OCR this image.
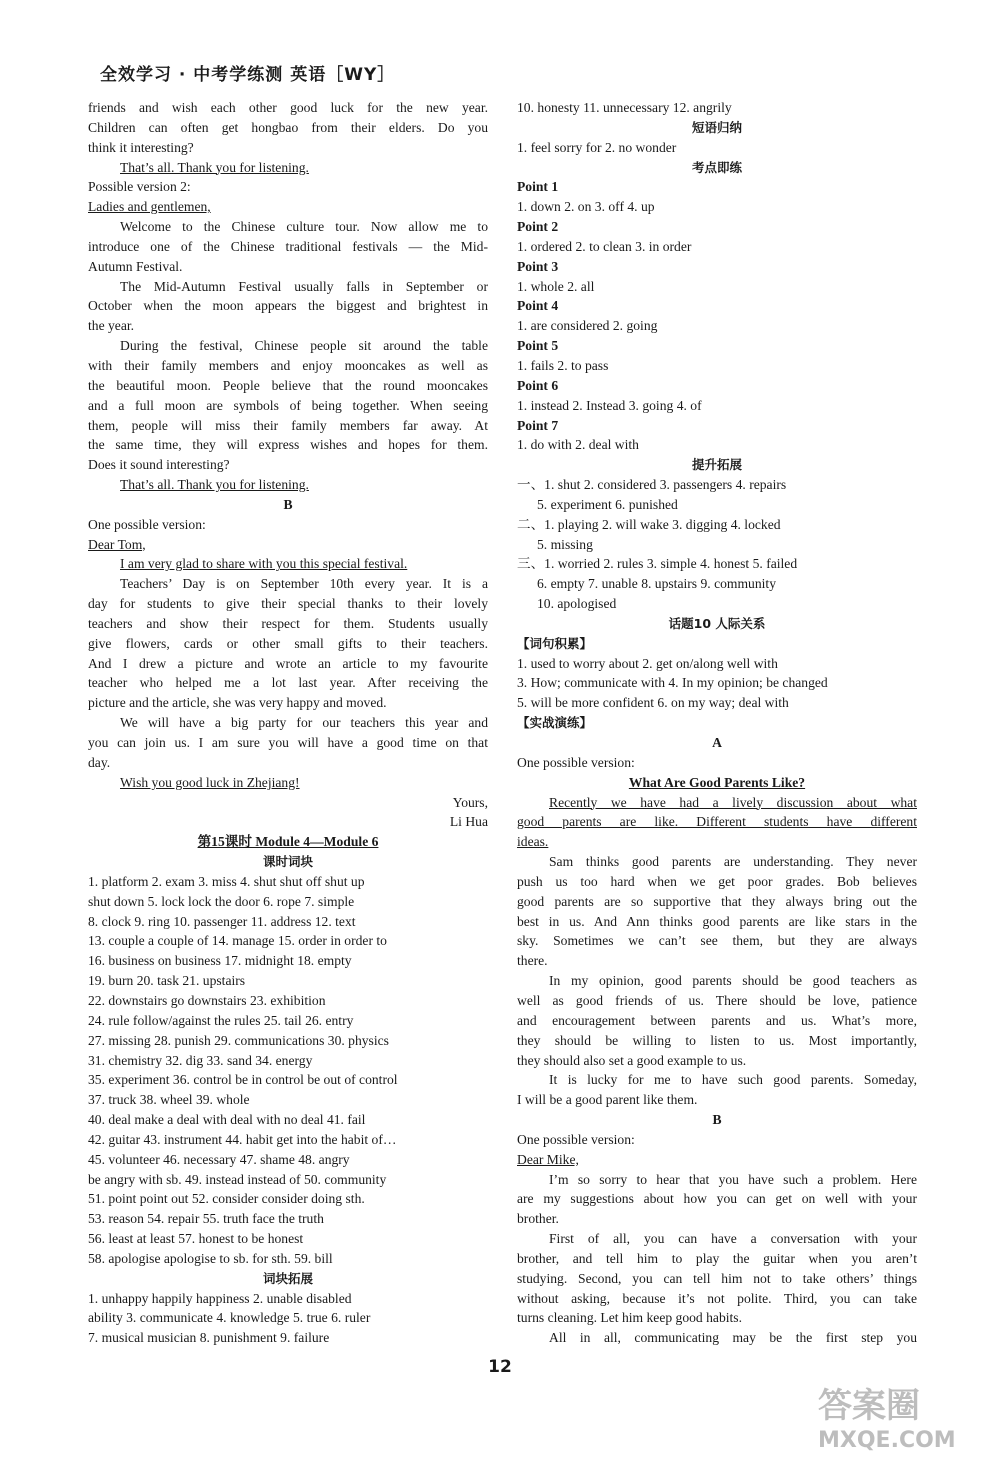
全效学习 · 中考学练测 英语［WY］

friends and wish each other good luck for the new year.

Children can often get hongbao from their elders. Do you

think it interesting?

That’s all. Thank you for listening.

Possible version 2:

Ladies and gentlemen,

Welcome to the Chinese culture tour. Now allow me to

introduce one of the Chinese traditional festivals — the Mid-

Autumn Festival.

The Mid-Autumn Festival usually falls in September or

October when the moon appears the biggest and brightest in

the year.

During the festival, Chinese people sit around the table

with their family members and enjoy mooncakes as well as

the beautiful moon. People believe that the round mooncakes

and a full moon are symbols of being together. When seeing

them, people will miss their family members far away. At

the same time, they will express wishes and hopes for them.

Does it sound interesting?

That’s all. Thank you for listening.

B

One possible version:

Dear Tom,

I am very glad to share with you this special festival.

Teachers’ Day is on September 10th every year. It is a

day for students to give their special thanks to their lovely

teachers and show their respect for them. Students usually

give flowers, cards or other small gifts to their teachers.

And I drew a picture and wrote an article to my favourite

teacher who helped me a lot last year. After receiving the

picture and the article, she was very happy and moved.

We will have a big party for our teachers this year and

you can join us. I am sure you will have a good time on that

day.

Wish you good luck in Zhejiang!

Yours,

Li Hua

第15课时 Module 4—Module 6

课时词块

1. platform 2. exam 3. miss 4. shut shut off shut up

shut down 5. lock lock the door 6. rope 7. simple

8. clock 9. ring 10. passenger 11. address 12. text

13. couple a couple of 14. manage 15. order in order to

16. business on business 17. midnight 18. empty

19. burn 20. task 21. upstairs

22. downstairs go downstairs 23. exhibition

24. rule follow/against the rules 25. tail 26. entry

27. missing 28. punish 29. communications 30. physics

31. chemistry 32. dig 33. sand 34. energy

35. experiment 36. control be in control be out of control

37. truck 38. wheel 39. whole

40. deal make a deal with deal with no deal 41. fail

42. guitar 43. instrument 44. habit get into the habit of…

45. volunteer 46. necessary 47. shame 48. angry

be angry with sb. 49. instead instead of 50. community

51. point point out 52. consider consider doing sth.

53. reason 54. repair 55. truth face the truth

56. least at least 57. honest to be honest

58. apologise apologise to sb. for sth. 59. bill

词块拓展

1. unhappy happily happiness 2. unable disabled

ability 3. communicate 4. knowledge 5. true 6. ruler

7. musical musician 8. punishment 9. failure

10. honesty 11. unnecessary 12. angrily

短语归纳

1. feel sorry for 2. no wonder

考点即练

Point 1

1. down 2. on 3. off 4. up

Point 2

1. ordered 2. to clean 3. in order

Point 3

1. whole 2. all

Point 4

1. are considered 2. going

Point 5

1. fails 2. to pass

Point 6

1. instead 2. Instead 3. going 4. of

Point 7

1. do with 2. deal with

提升拓展

一、1. shut 2. considered 3. passengers 4. repairs

5. experiment 6. punished

二、1. playing 2. will wake 3. digging 4. locked

5. missing

三、1. worried 2. rules 3. simple 4. honest 5. failed

6. empty 7. unable 8. upstairs 9. community

10. apologised

话题10 人际关系

【词句积累】

1. used to worry about 2. get on/along well with

3. How; communicate with 4. In my opinion; be changed

5. will be more confident 6. on my way; deal with

【实战演练】

A

One possible version:

What Are Good Parents Like?

Recently we have had a lively discussion about what

good parents are like. Different students have different

ideas.

Sam thinks good parents are understanding. They never

push us too hard when we get poor grades. Bob believes

good parents are so supportive that they always bring out the

best in us. And Ann thinks good parents are like stars in the

sky. Sometimes we can’t see them, but they are always

there.

In my opinion, good parents should be good teachers as

well as good friends of us. There should be love, patience

and encouragement between parents and us. What’s more,

they should be willing to listen to us. Most importantly,

they should also set a good example to us.

It is lucky for me to have such good parents. Someday,

I will be a good parent like them.

B

One possible version:

Dear Mike,

I’m so sorry to hear that you have such a problem. Here

are my suggestions about how you can get on well with your

brother.

First of all, you can have a conversation with your

brother, and tell him to play the guitar when you aren’t

studying. Second, you can tell him not to take others’ things

without asking, because it’s not polite. Third, you can take

turns cleaning. Let him keep good habits.

All in all, communicating may be the first step you

12
答案圈
MXQE.COM
